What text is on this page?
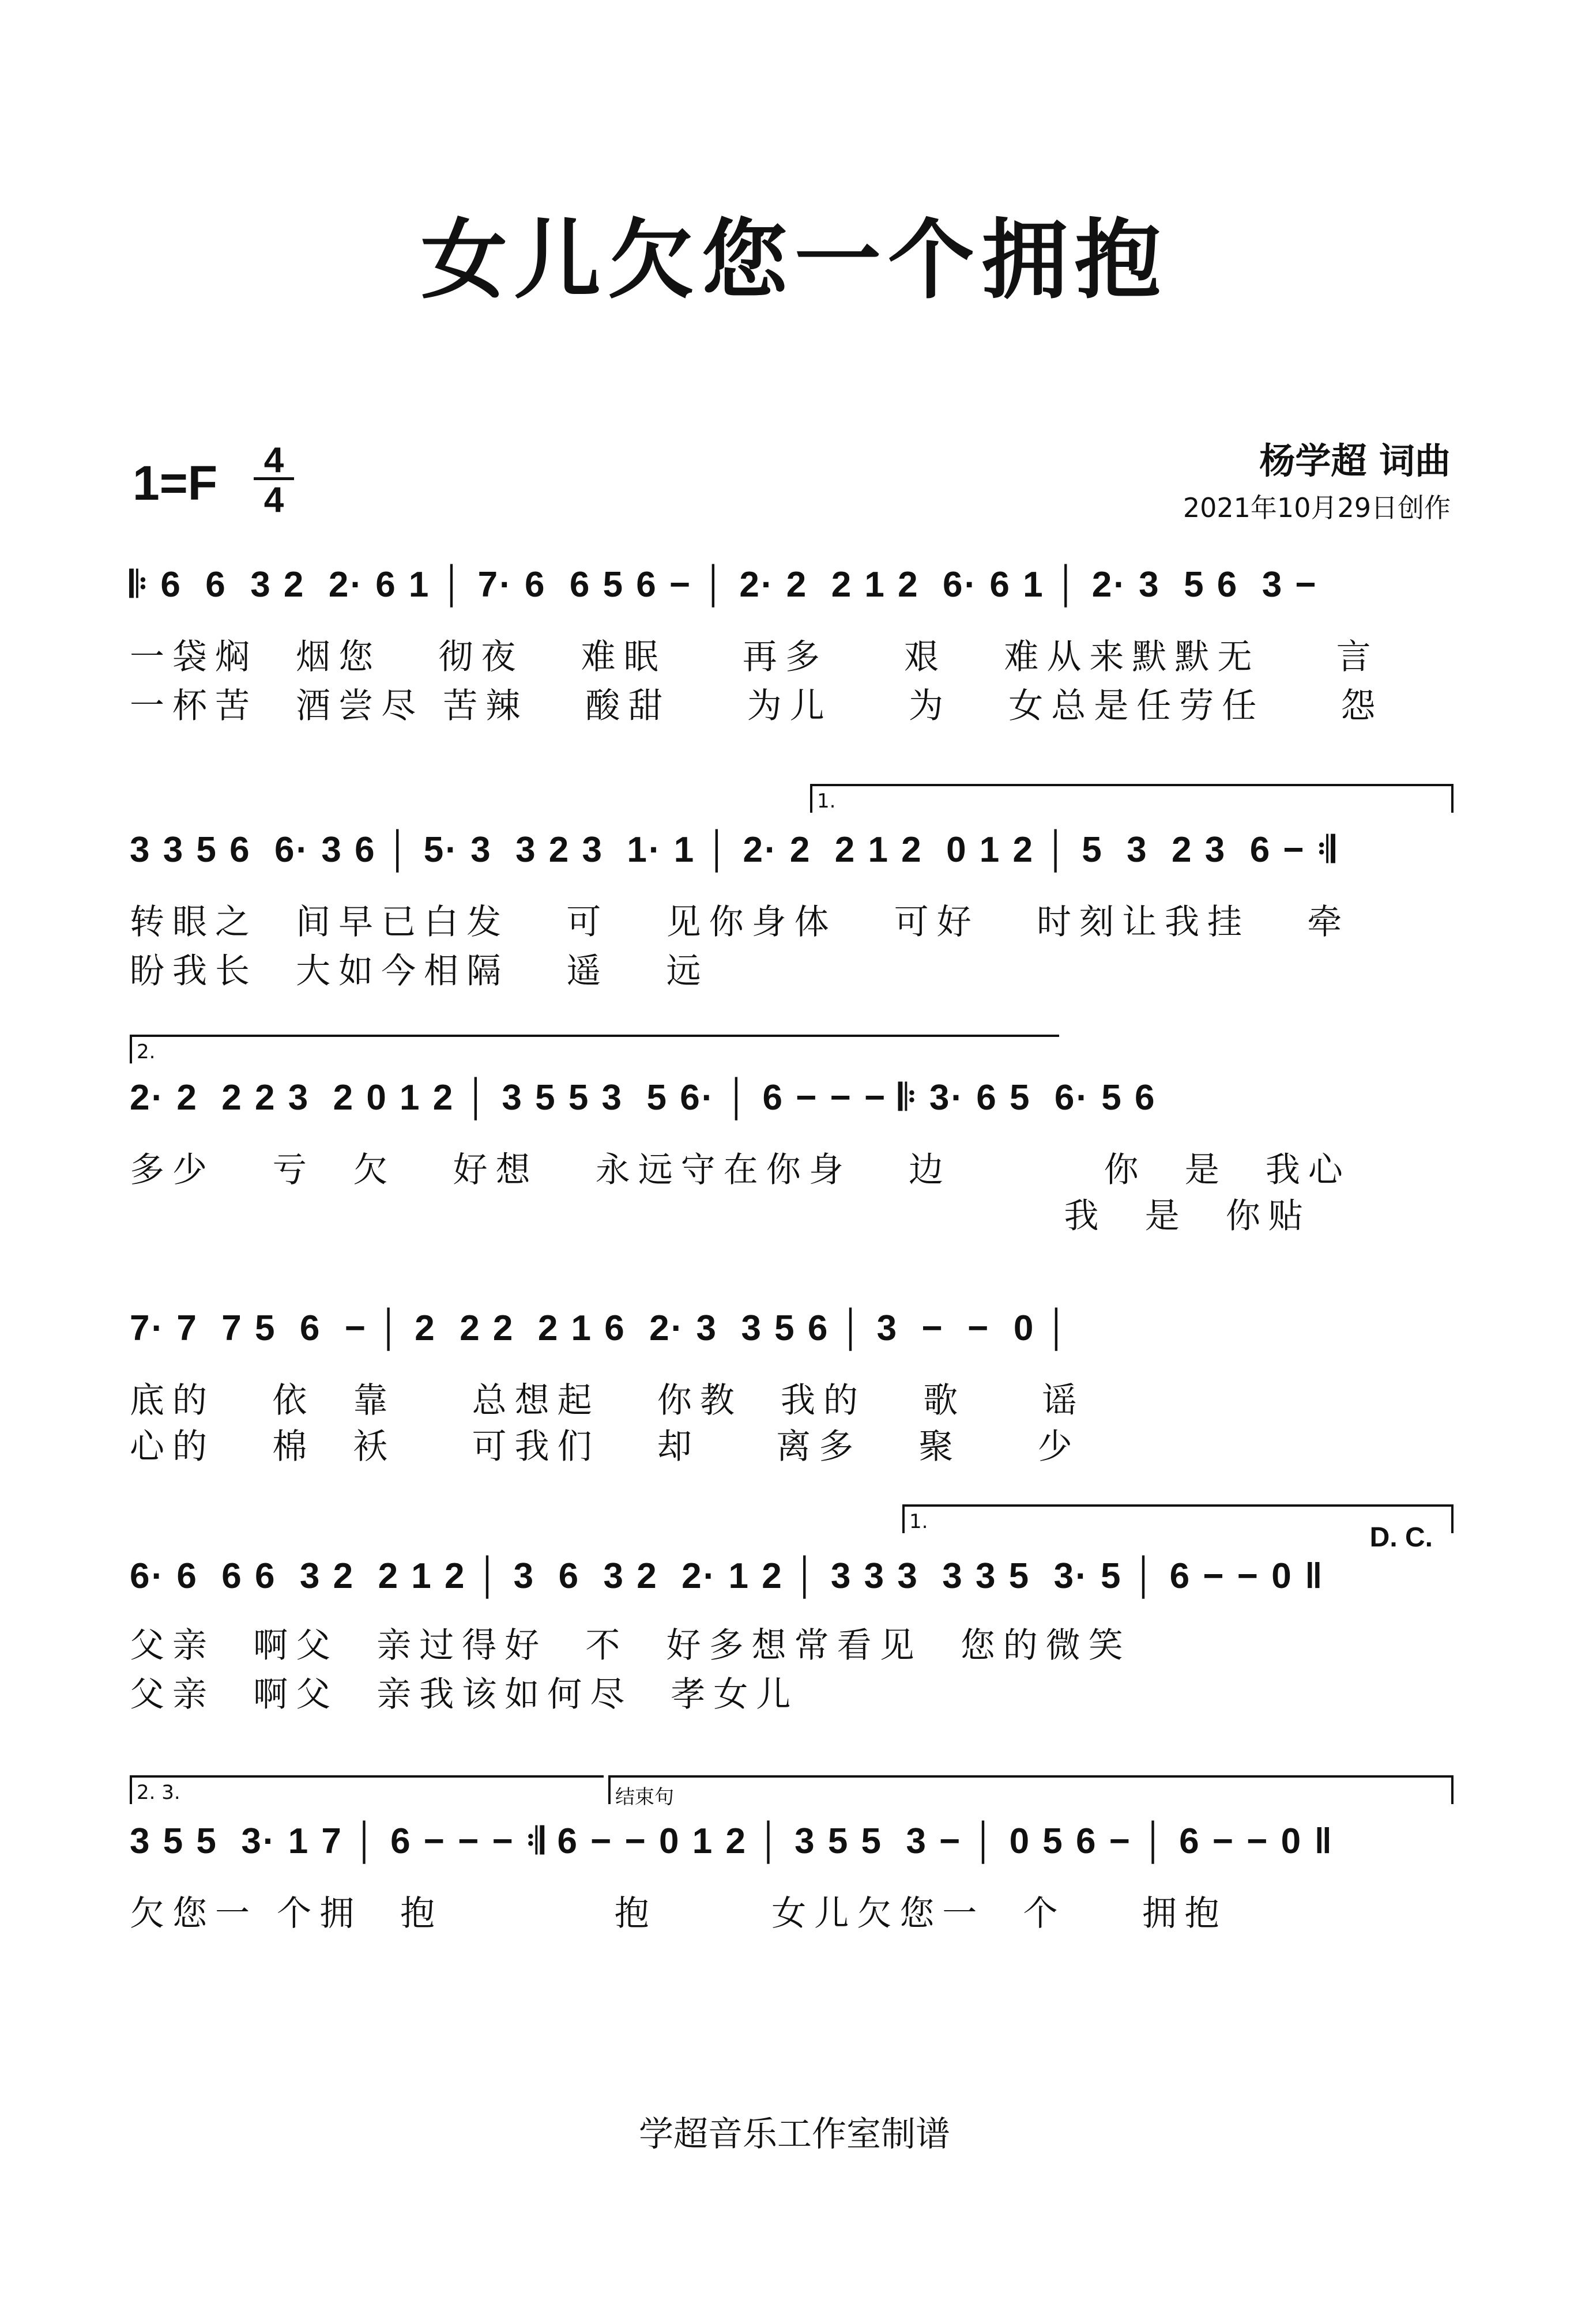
女儿欠您一个拥抱
1=F 4
4
杨学超 词曲
2021年10月29日创作
𝄆 6  6  3 2  2· 6 1 │ 7· 6  6 5 6 − │ 2· 2  2 1 2  6· 6 1 │ 2· 3  5 6  3 −
一袋焖  烟您   彻夜   难眠    再多    艰   难从来默默无    言
一杯苦  酒尝尽 苦辣   酸甜    为儿    为   女总是任劳任    怨
1.
3 3 5 6  6· 3 6 │ 5· 3  3 2 3  1· 1 │ 2· 2  2 1 2  0 1 2 │ 5  3  2 3  6 − 𝄇
转眼之  间早已白发   可   见你身体   可好   时刻让我挂   牵
盼我长  大如今相隔   遥   远
2.
2· 2  2 2 3  2 0 1 2 │ 3 5 5 3  5 6· │ 6 − − − 𝄆 3· 6 5  6· 5 6
多少   亏  欠   好想   永远守在你身   边        你  是  我心
我  是  你贴
7· 7  7 5  6  − │ 2  2 2  2 1 6  2· 3  3 5 6 │ 3  −  −  0 │
底的   依  靠    总想起   你教  我的   歌    谣
心的   棉  袄    可我们   却    离多   聚    少
1.
D. C.
6· 6  6 6  3 2  2 1 2 │ 3  6  3 2  2· 1 2 │ 3 3 3  3 3 5  3· 5 │ 6 − − 0 ‖
父亲  啊父  亲过得好  不  好多想常看见  您的微笑
父亲  啊父  亲我该如何尽  孝女儿
2. 3.	结束句
3 5 5  3· 1 7 │ 6 − − − 𝄇 6 − − 0 1 2 │ 3 5 5  3 − │ 0 5 6 − │ 6 − − 0 ‖
欠您一 个拥  抱         抱      女儿欠您一  个    拥抱
学超音乐工作室制谱
